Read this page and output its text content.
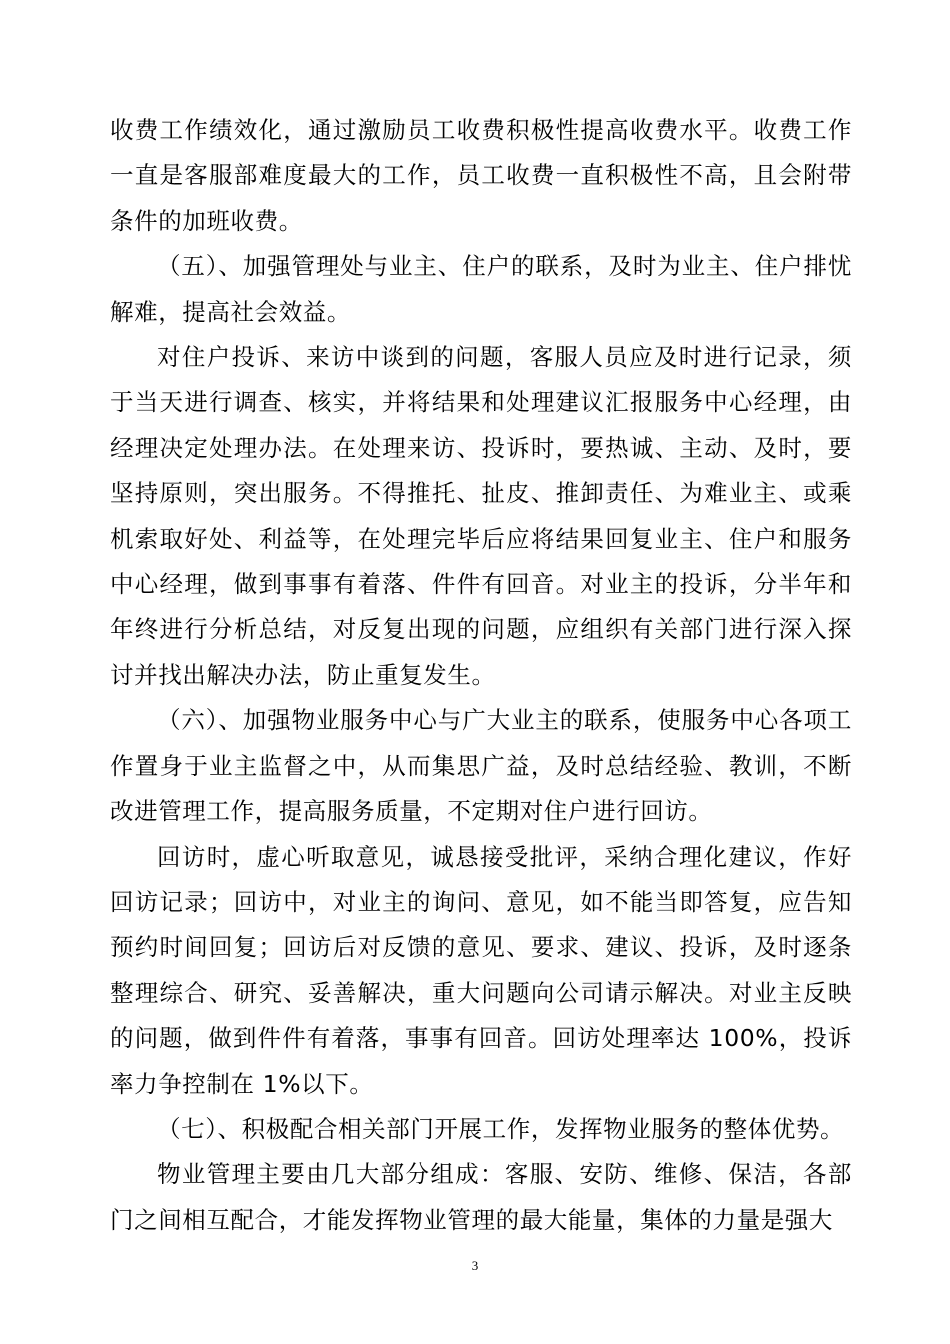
收费工作绩效化，通过激励员工收费积极性提高收费水平。收费工作一直是客服部难度最大的工作，员工收费一直积极性不高，且会附带条件的加班收费。

（五）、加强管理处与业主、住户的联系，及时为业主、住户排忧解难，提高社会效益。

对住户投诉、来访中谈到的问题，客服人员应及时进行记录，须于当天进行调查、核实，并将结果和处理建议汇报服务中心经理，由经理决定处理办法。在处理来访、投诉时，要热诚、主动、及时，要坚持原则，突出服务。不得推托、扯皮、推卸责任、为难业主、或乘机索取好处、利益等，在处理完毕后应将结果回复业主、住户和服务中心经理，做到事事有着落、件件有回音。对业主的投诉，分半年和年终进行分析总结，对反复出现的问题，应组织有关部门进行深入探讨并找出解决办法，防止重复发生。

（六）、加强物业服务中心与广大业主的联系，使服务中心各项工作置身于业主监督之中，从而集思广益，及时总结经验、教训，不断改进管理工作，提高服务质量，不定期对住户进行回访。

回访时，虚心听取意见，诚恳接受批评，采纳合理化建议，作好回访记录；回访中，对业主的询问、意见，如不能当即答复，应告知预约时间回复；回访后对反馈的意见、要求、建议、投诉，及时逐条整理综合、研究、妥善解决，重大问题向公司请示解决。对业主反映的问题，做到件件有着落，事事有回音。回访处理率达 100%，投诉率力争控制在 1%以下。

（七）、积极配合相关部门开展工作，发挥物业服务的整体优势。

物业管理主要由几大部分组成：客服、安防、维修、保洁，各部门之间相互配合，才能发挥物业管理的最大能量，集体的力量是强大

3
